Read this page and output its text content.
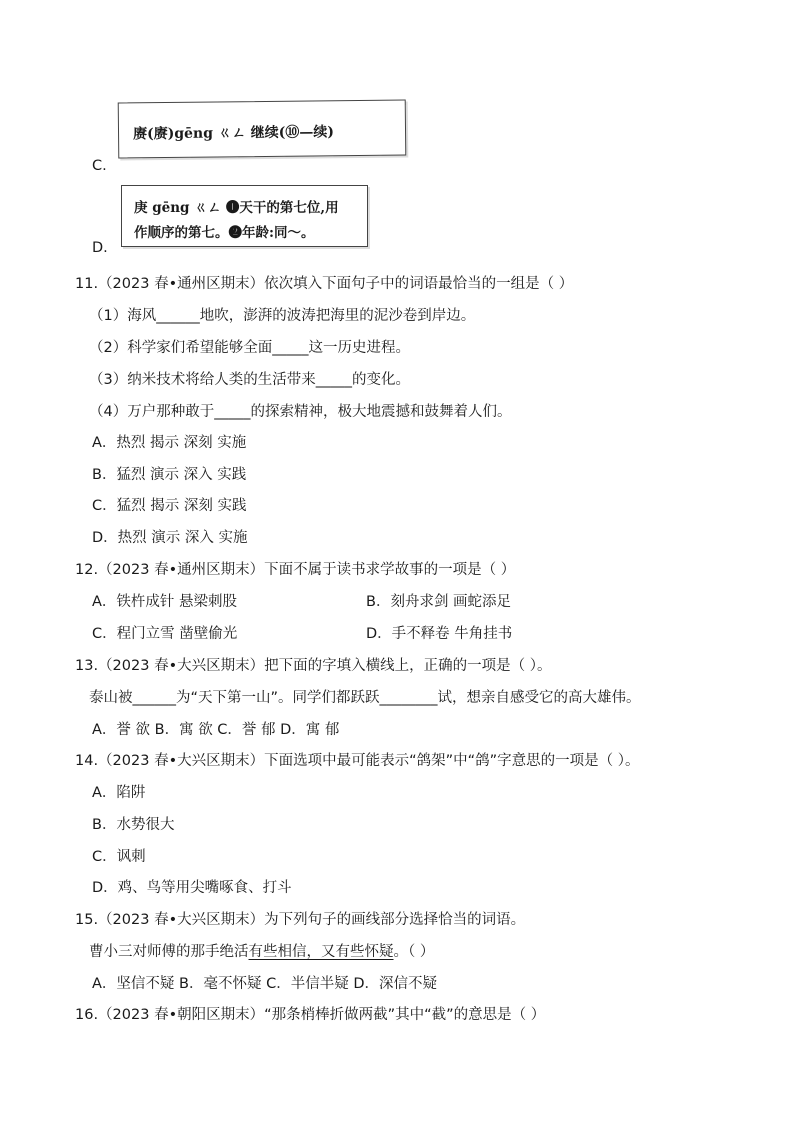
C.
赓(赓)gēng ㄍㄥ 继续(⑩—续)
D.
庚 gēng ㄍㄥ ❶天干的第七位,用
作顺序的第七。❷年龄:同～。
11.（2023 春•通州区期末）依次填入下面句子中的词语最恰当的一组是（ ）
（1）海风______地吹，澎湃的波涛把海里的泥沙卷到岸边。
（2）科学家们希望能够全面_____这一历史进程。
（3）纳米技术将给人类的生活带来_____的变化。
（4）万户那种敢于_____的探索精神，极大地震撼和鼓舞着人们。
A．热烈 揭示 深刻 实施
B．猛烈 演示 深入 实践
C．猛烈 揭示 深刻 实践
D．热烈 演示 深入 实施
12.（2023 春•通州区期末）下面不属于读书求学故事的一项是（ ）
A．铁杵成针 悬梁刺股	B．刻舟求剑 画蛇添足
C．程门立雪 凿壁偷光	D．手不释卷 牛角挂书
13.（2023 春•大兴区期末）把下面的字填入横线上，正确的一项是（ ）。
泰山被______为“天下第一山”。同学们都跃跃________试，想亲自感受它的高大雄伟。
A．誉 欲 B．寓 欲 C．誉 郁 D．寓 郁
14.（2023 春•大兴区期末）下面选项中最可能表示“鸽架”中“鸽”字意思的一项是（ ）。
A．陷阱
B．水势很大
C．讽刺
D．鸡、鸟等用尖嘴啄食、打斗
15.（2023 春•大兴区期末）为下列句子的画线部分选择恰当的词语。
曹小三对师傅的那手绝活有些相信，又有些怀疑。（ ）
A．坚信不疑 B．毫不怀疑 C．半信半疑 D．深信不疑
16.（2023 春•朝阳区期末）“那条梢棒折做两截”其中“截”的意思是（ ）
